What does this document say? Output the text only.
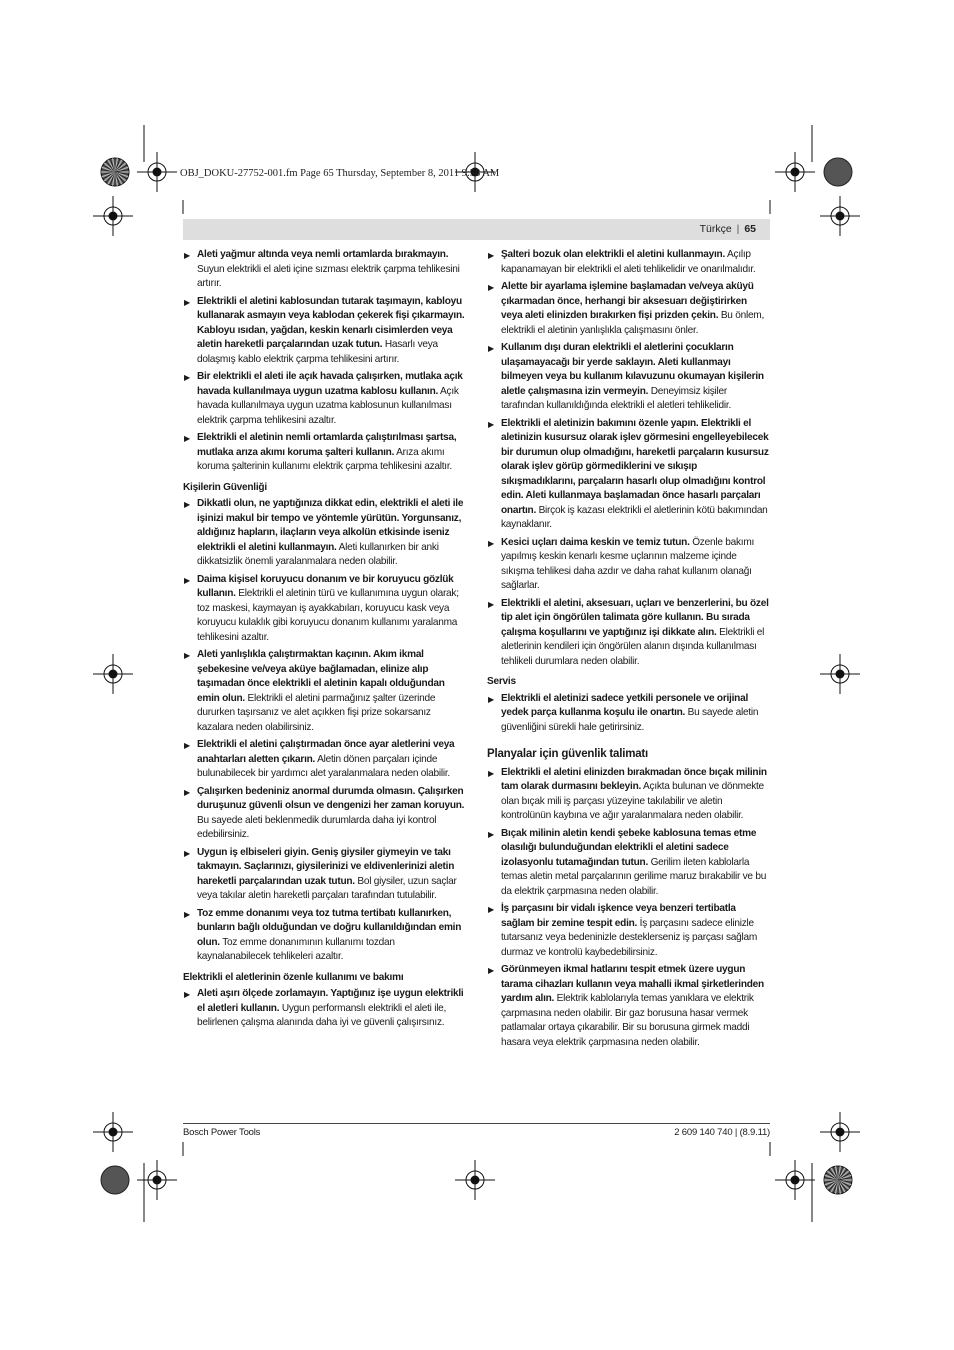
OBJ_DOKU-27752-001.fm Page 65 Thursday, September 8, 2011 9:58 AM
Türkçe | 65
▶ Aleti yağmur altında veya nemli ortamlarda bırakmayın. Suyun elektrikli el aleti içine sızması elektrik çarpma tehlikesini artırır.
▶ Elektrikli el aletini kablosundan tutarak taşımayın, kabloyu kullanarak asmayın veya kablodan çekerek fişi çıkarmayın. Kabloyu ısıdan, yağdan, keskin kenarlı cisimlerden veya aletin hareketli parçalarından uzak tutun. Hasarlı veya dolaşmış kablo elektrik çarpma tehlikesini artırır.
▶ Bir elektrikli el aleti ile açık havada çalışırken, mutlaka açık havada kullanılmaya uygun uzatma kablosu kullanın. Açık havada kullanılmaya uygun uzatma kablosunun kullanılması elektrik çarpma tehlikesini azaltır.
▶ Elektrikli el aletinin nemli ortamlarda çalıştırılması şartsa, mutlaka arıza akımı koruma şalteri kullanın. Arıza akımı koruma şalterinin kullanımı elektrik çarpma tehlikesini azaltır.
Kişilerin Güvenliği
▶ Dikkatli olun, ne yaptığınıza dikkat edin, elektrikli el aleti ile işinizi makul bir tempo ve yöntemle yürütün. Yorgunsanız, aldığınız hapların, ilaçların veya alkolün etkisinde iseniz elektrikli el aletini kullanmayın. Aleti kullanırken bir anki dikkatsizlik önemli yaralanmalara neden olabilir.
▶ Daima kişisel koruyucu donanım ve bir koruyucu gözlük kullanın. Elektrikli el aletinin türü ve kullanımına uygun olarak; toz maskesi, kaymayan iş ayakkabıları, koruyucu kask veya koruyucu kulaklık gibi koruyucu donanım kullanımı yaralanma tehlikesini azaltır.
▶ Aleti yanlışlıkla çalıştırmaktan kaçının. Akım ikmal şebekesine ve/veya aküye bağlamadan, elinize alıp taşımadan önce elektrikli el aletinin kapalı olduğundan emin olun. Elektrikli el aletini parmağınız şalter üzerinde dururken taşırsanız ve alet açıkken fişi prize sokarsanız kazalara neden olabilirsiniz.
▶ Elektrikli el aletini çalıştırmadan önce ayar aletlerini veya anahtarları aletten çıkarın. Aletin dönen parçaları içinde bulunabilecek bir yardımcı alet yaralanmalara neden olabilir.
▶ Çalışırken bedeniniz anormal durumda olmasın. Çalışırken duruşunuz güvenli olsun ve dengenizi her zaman koruyun. Bu sayede aleti beklenmedik durumlarda daha iyi kontrol edebilirsiniz.
▶ Uygun iş elbiseleri giyin. Geniş giysiler giymeyin ve takı takmayın. Saçlarınızı, giysilerinizi ve eldivenlerinizi aletin hareketli parçalarından uzak tutun. Bol giysiler, uzun saçlar veya takılar aletin hareketli parçaları tarafından tutulabilir.
▶ Toz emme donanımı veya toz tutma tertibatı kullanırken, bunların bağlı olduğundan ve doğru kullanıldığından emin olun. Toz emme donanımının kullanımı tozdan kaynalanabilecek tehlikeleri azaltır.
Elektrikli el aletlerinin özenle kullanımı ve bakımı
▶ Aleti aşırı ölçede zorlamayın. Yaptığınız işe uygun elektrikli el aletleri kullanın. Uygun performanslı elektrikli el aleti ile, belirlenen çalışma alanında daha iyi ve güvenli çalışırsınız.
▶ Şalteri bozuk olan elektrikli el aletini kullanmayın. Açılıp kapanamayan bir elektrikli el aleti tehlikelidir ve onarılmalıdır.
▶ Alette bir ayarlama işlemine başlamadan ve/veya aküyü çıkarmadan önce, herhangi bir aksesuarı değiştirirken veya aleti elinizden bırakırken fişi prizden çekin. Bu önlem, elektrikli el aletinin yanlışlıkla çalışmasını önler.
▶ Kullanım dışı duran elektrikli el aletlerini çocukların ulaşamayacağı bir yerde saklayın. Aleti kullanmayı bilmeyen veya bu kullanım kılavuzunu okumayan kişilerin aletle çalışmasına izin vermeyin. Deneyimsiz kişiler tarafından kullanıldığında elektrikli el aletleri tehlikelidir.
▶ Elektrikli el aletinizin bakımını özenle yapın. Elektrikli el aletinizin kusursuz olarak işlev görmesini engelleyebilecek bir durumun olup olmadığını, hareketli parçaların kusursuz olarak işlev görüp görmediklerini ve sıkışıp sıkışmadıklarını, parçaların hasarlı olup olmadığını kontrol edin. Aleti kullanmaya başlamadan önce hasarlı parçaları onartın. Birçok iş kazası elektrikli el aletlerinin kötü bakımından kaynaklanır.
▶ Kesici uçları daima keskin ve temiz tutun. Özenle bakımı yapılmış keskin kenarlı kesme uçlarının malzeme içinde sıkışma tehlikesi daha azdır ve daha rahat kullanım olanağı sağlarlar.
▶ Elektrikli el aletini, aksesuarı, uçları ve benzerlerini, bu özel tip alet için öngörülen talimata göre kullanın. Bu sırada çalışma koşullarını ve yaptığınız işi dikkate alın. Elektrikli el aletlerinin kendileri için öngörülen alanın dışında kullanılması tehlikeli durumlara neden olabilir.
Servis
▶ Elektrikli el aletinizi sadece yetkili personele ve orijinal yedek parça kullanma koşulu ile onartın. Bu sayede aletin güvenliğini sürekli hale getirirsiniz.
Planyalar için güvenlik talimatı
▶ Elektrikli el aletini elinizden bırakmadan önce bıçak milinin tam olarak durmasını bekleyin. Açıkta bulunan ve dönmekte olan bıçak mili iş parçası yüzeyine takılabilir ve aletin kontrolünün kaybına ve ağır yaralanmalara neden olabilir.
▶ Bıçak milinin aletin kendi şebeke kablosuna temas etme olasılığı bulunduğundan elektrikli el aletini sadece izolasyonlu tutamağından tutun. Gerilim ileten kablolarla temas aletin metal parçalarının gerilime maruz bırakabilir ve bu da elektrik çarpmasına neden olabilir.
▶ İş parçasını bir vidalı işkence veya benzeri tertibatla sağlam bir zemine tespit edin. İş parçasını sadece elinizle tutarsanız veya bedeninizle desteklerseniz iş parçası sağlam durmaz ve kontrolü kaybedebilirsiniz.
▶ Görünmeyen ikmal hatlarını tespit etmek üzere uygun tarama cihazları kullanın veya mahalli ikmal şirketlerinden yardım alın. Elektrik kablolarıyla temas yanıklara ve elektrik çarpmasına neden olabilir. Bir gaz borusuna hasar vermek patlamalar ortaya çıkarabilir. Bir su borusuna girmek maddi hasara veya elektrik çarpmasına neden olabilir.
Bosch Power Tools	2 609 140 740 | (8.9.11)
